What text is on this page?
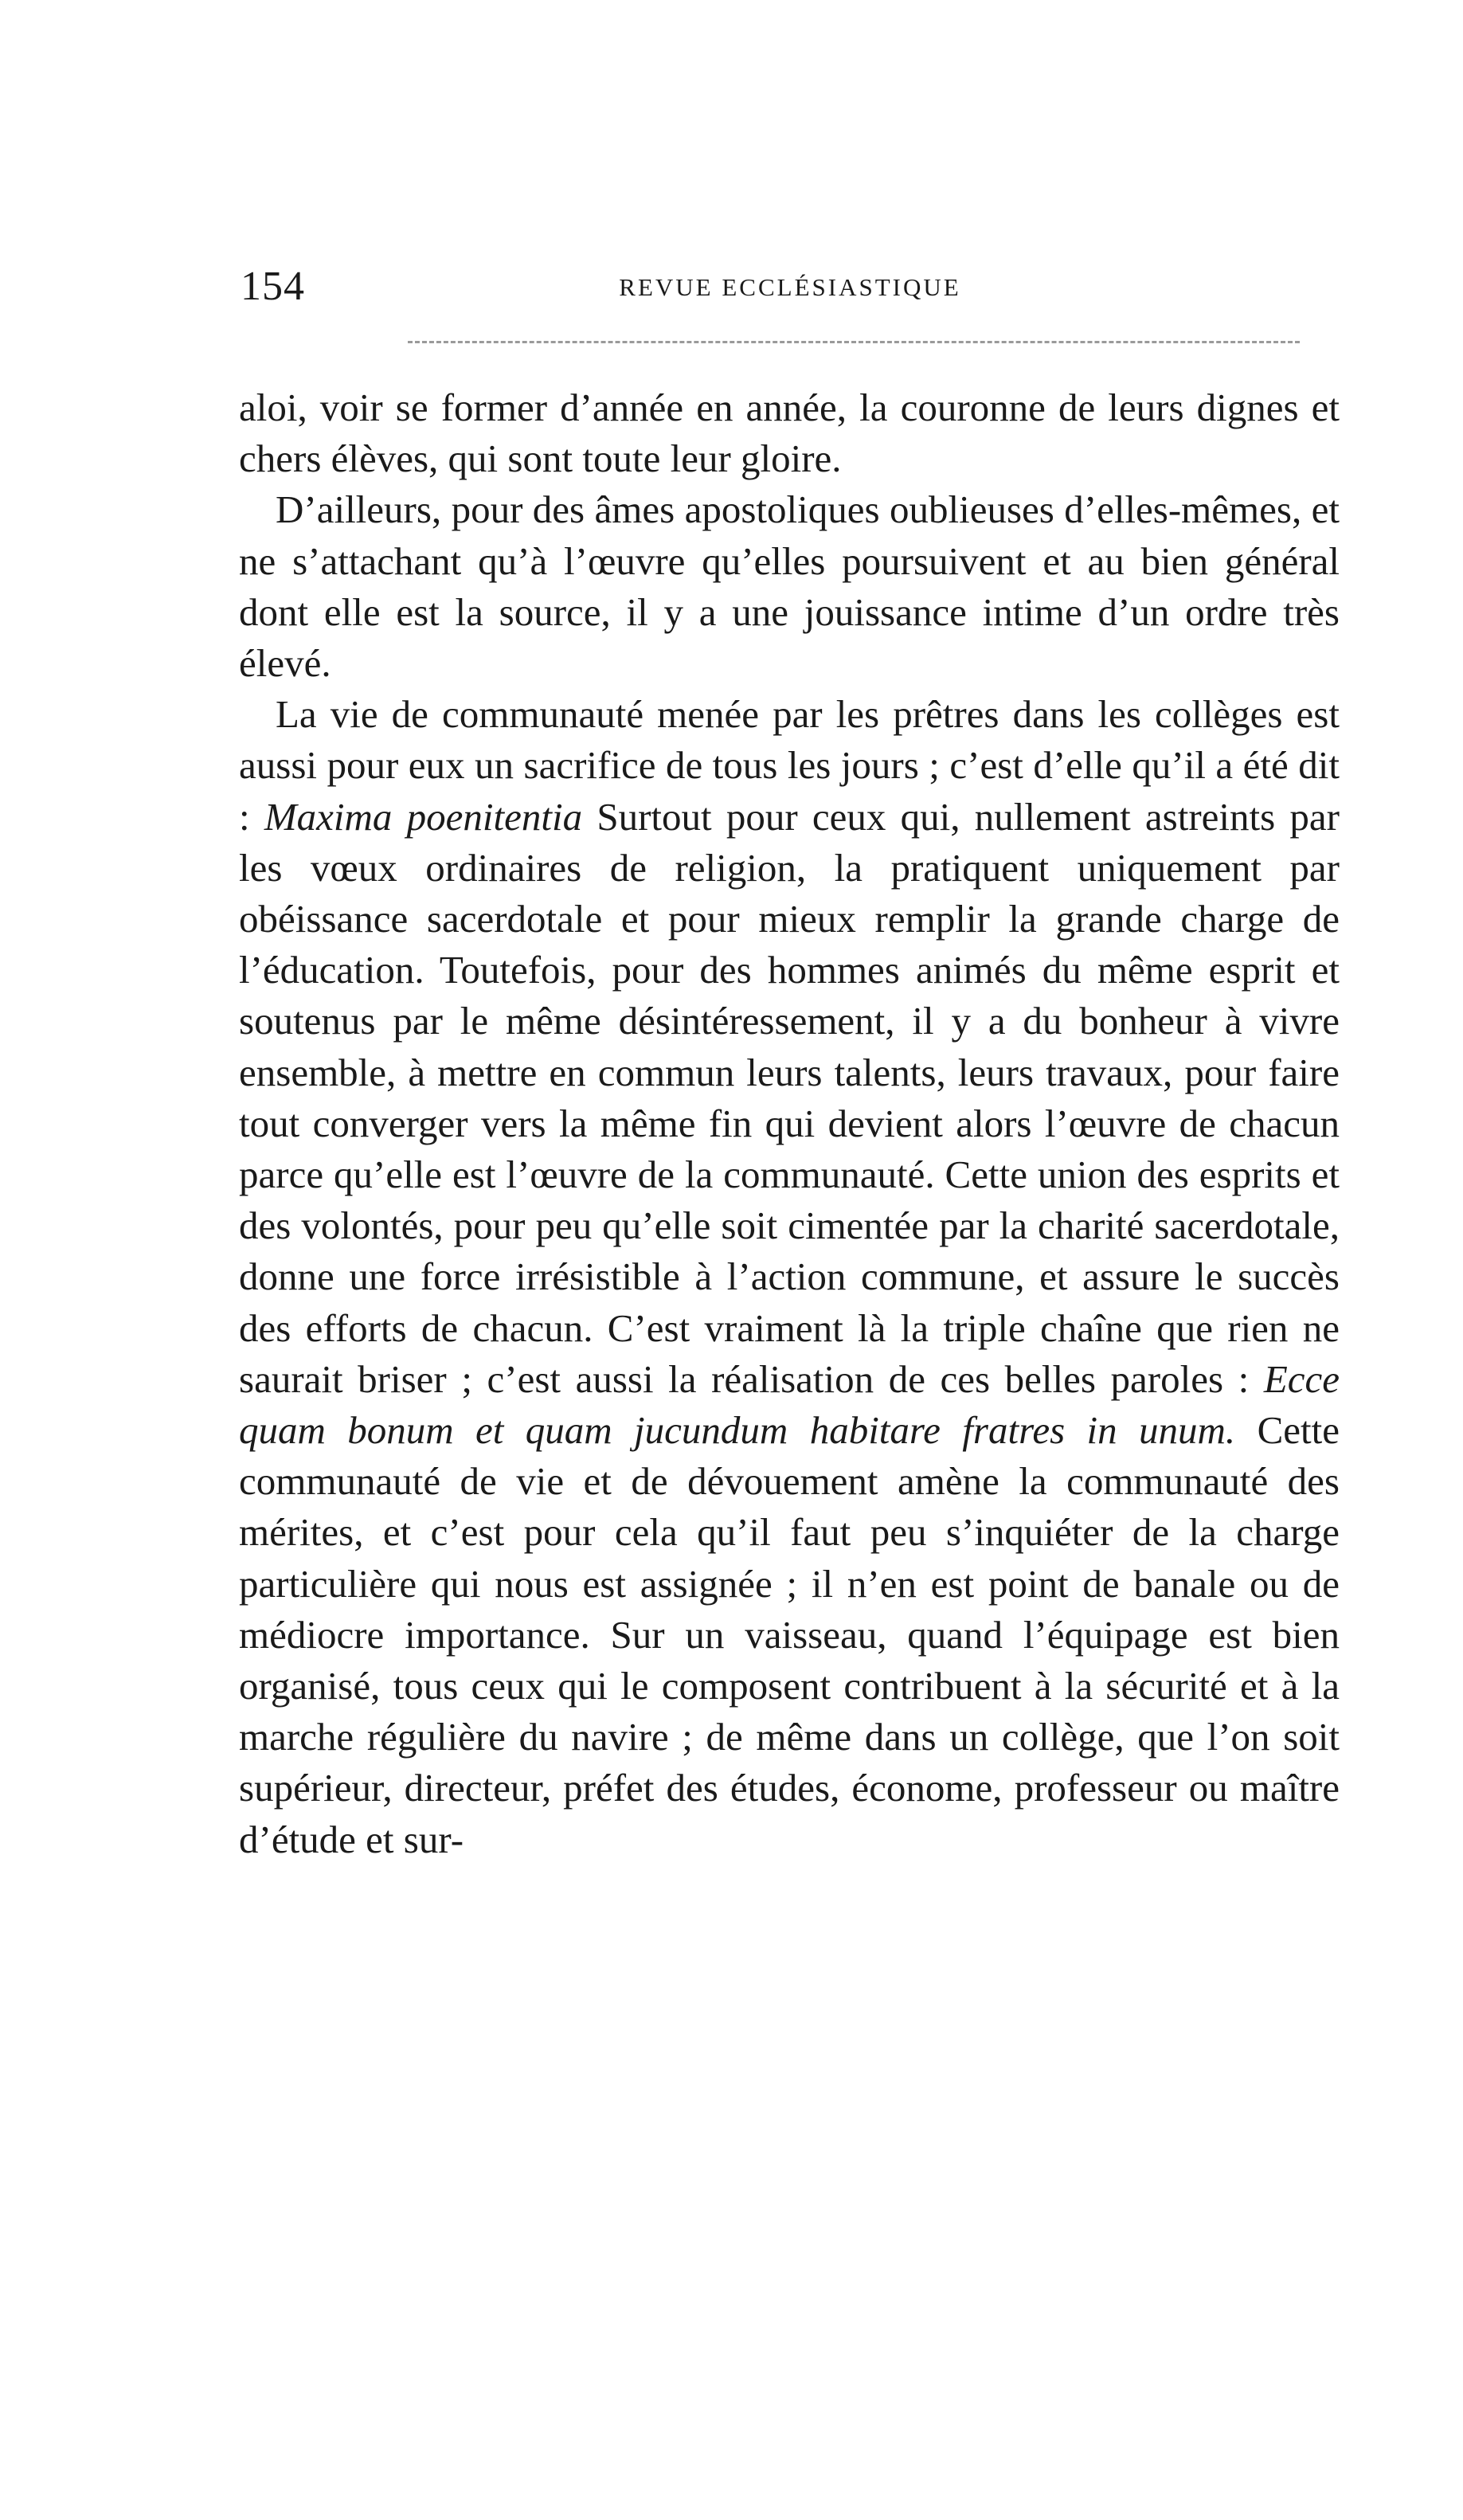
154	REVUE ECCLÉSIASTIQUE

aloi, voir se former d’année en année, la couronne de leurs dignes et chers élèves, qui sont toute leur gloire.

D’ailleurs, pour des âmes apostoliques oublieuses d’elles-mêmes, et ne s’attachant qu’à l’œuvre qu’elles poursuivent et au bien général dont elle est la source, il y a une jouissance intime d’un ordre très élevé.

La vie de communauté menée par les prêtres dans les collèges est aussi pour eux un sacrifice de tous les jours ; c’est d’elle qu’il a été dit : Maxima poenitentia Surtout pour ceux qui, nullement astreints par les vœux ordinaires de religion, la pratiquent uniquement par obéissance sacerdotale et pour mieux remplir la grande charge de l’éducation. Toutefois, pour des hommes animés du même esprit et soutenus par le même désintéressement, il y a du bonheur à vivre ensemble, à mettre en commun leurs talents, leurs travaux, pour faire tout converger vers la même fin qui devient alors l’œuvre de chacun parce qu’elle est l’œuvre de la communauté. Cette union des esprits et des volontés, pour peu qu’elle soit cimentée par la charité sacerdotale, donne une force irrésistible à l’action commune, et assure le succès des efforts de chacun. C’est vraiment là la triple chaîne que rien ne saurait briser ; c’est aussi la réalisation de ces belles paroles : Ecce quam bonum et quam jucundum habitare fratres in unum. Cette communauté de vie et de dévouement amène la communauté des mérites, et c’est pour cela qu’il faut peu s’inquiéter de la charge particulière qui nous est assignée ; il n’en est point de banale ou de médiocre importance. Sur un vaisseau, quand l’équipage est bien organisé, tous ceux qui le composent contribuent à la sécurité et à la marche régulière du navire ; de même dans un collège, que l’on soit supérieur, directeur, préfet des études, économe, professeur ou maître d’étude et sur-
